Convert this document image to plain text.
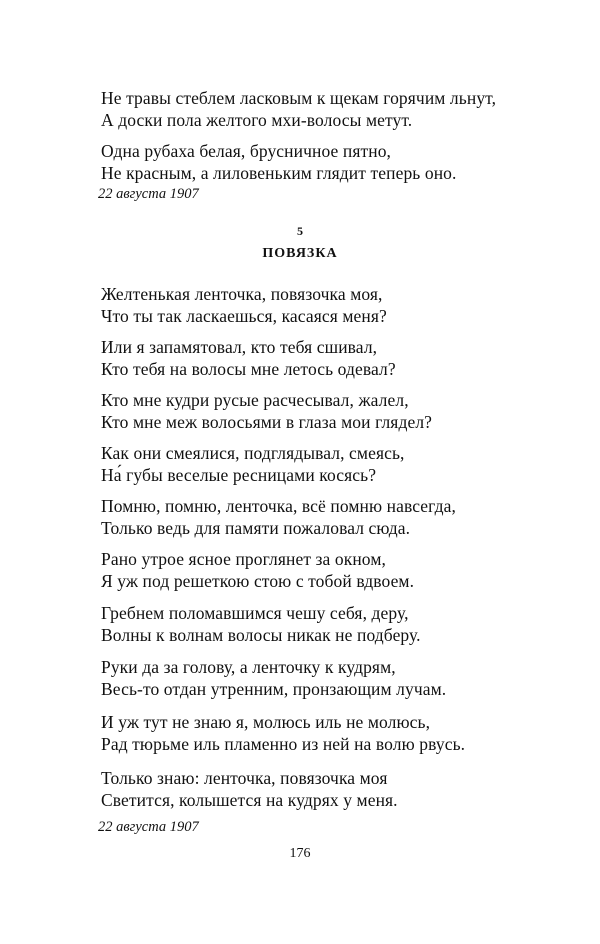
Не травы стеблем ласковым к щекам горячим льнут,
А доски пола желтого мхи-волосы метут.
Одна рубаха белая, брусничное пятно,
Не красным, а лиловеньким глядит теперь оно.
22 августа 1907
5
ПОВЯЗКА
Желтенькая ленточка, повязочка моя,
Что ты так ласкаешься, касаяся меня?
Или я запамятовал, кто тебя сшивал,
Кто тебя на волосы мне летось одевал?
Кто мне кудри русые расчесывал, жалел,
Кто мне меж волосьями в глаза мои глядел?
Как они смеялися, подглядывал, смеясь,
На́ губы веселые ресницами косясь?
Помню, помню, ленточка, всё помню навсегда,
Только ведь для памяти пожаловал сюда.
Рано утрое ясное проглянет за окном,
Я уж под решеткою стою с тобой вдвоем.
Гребнем поломавшимся чешу себя, деру,
Волны к волнам волосы никак не подберу.
Руки да за голову, а ленточку к кудрям,
Весь-то отдан утренним, пронзающим лучам.
И уж тут не знаю я, молюсь иль не молюсь,
Рад тюрьме иль пламенно из ней на волю рвусь.
Только знаю: ленточка, повязочка моя
Светится, колышется на кудрях у меня.
22 августа 1907
176
